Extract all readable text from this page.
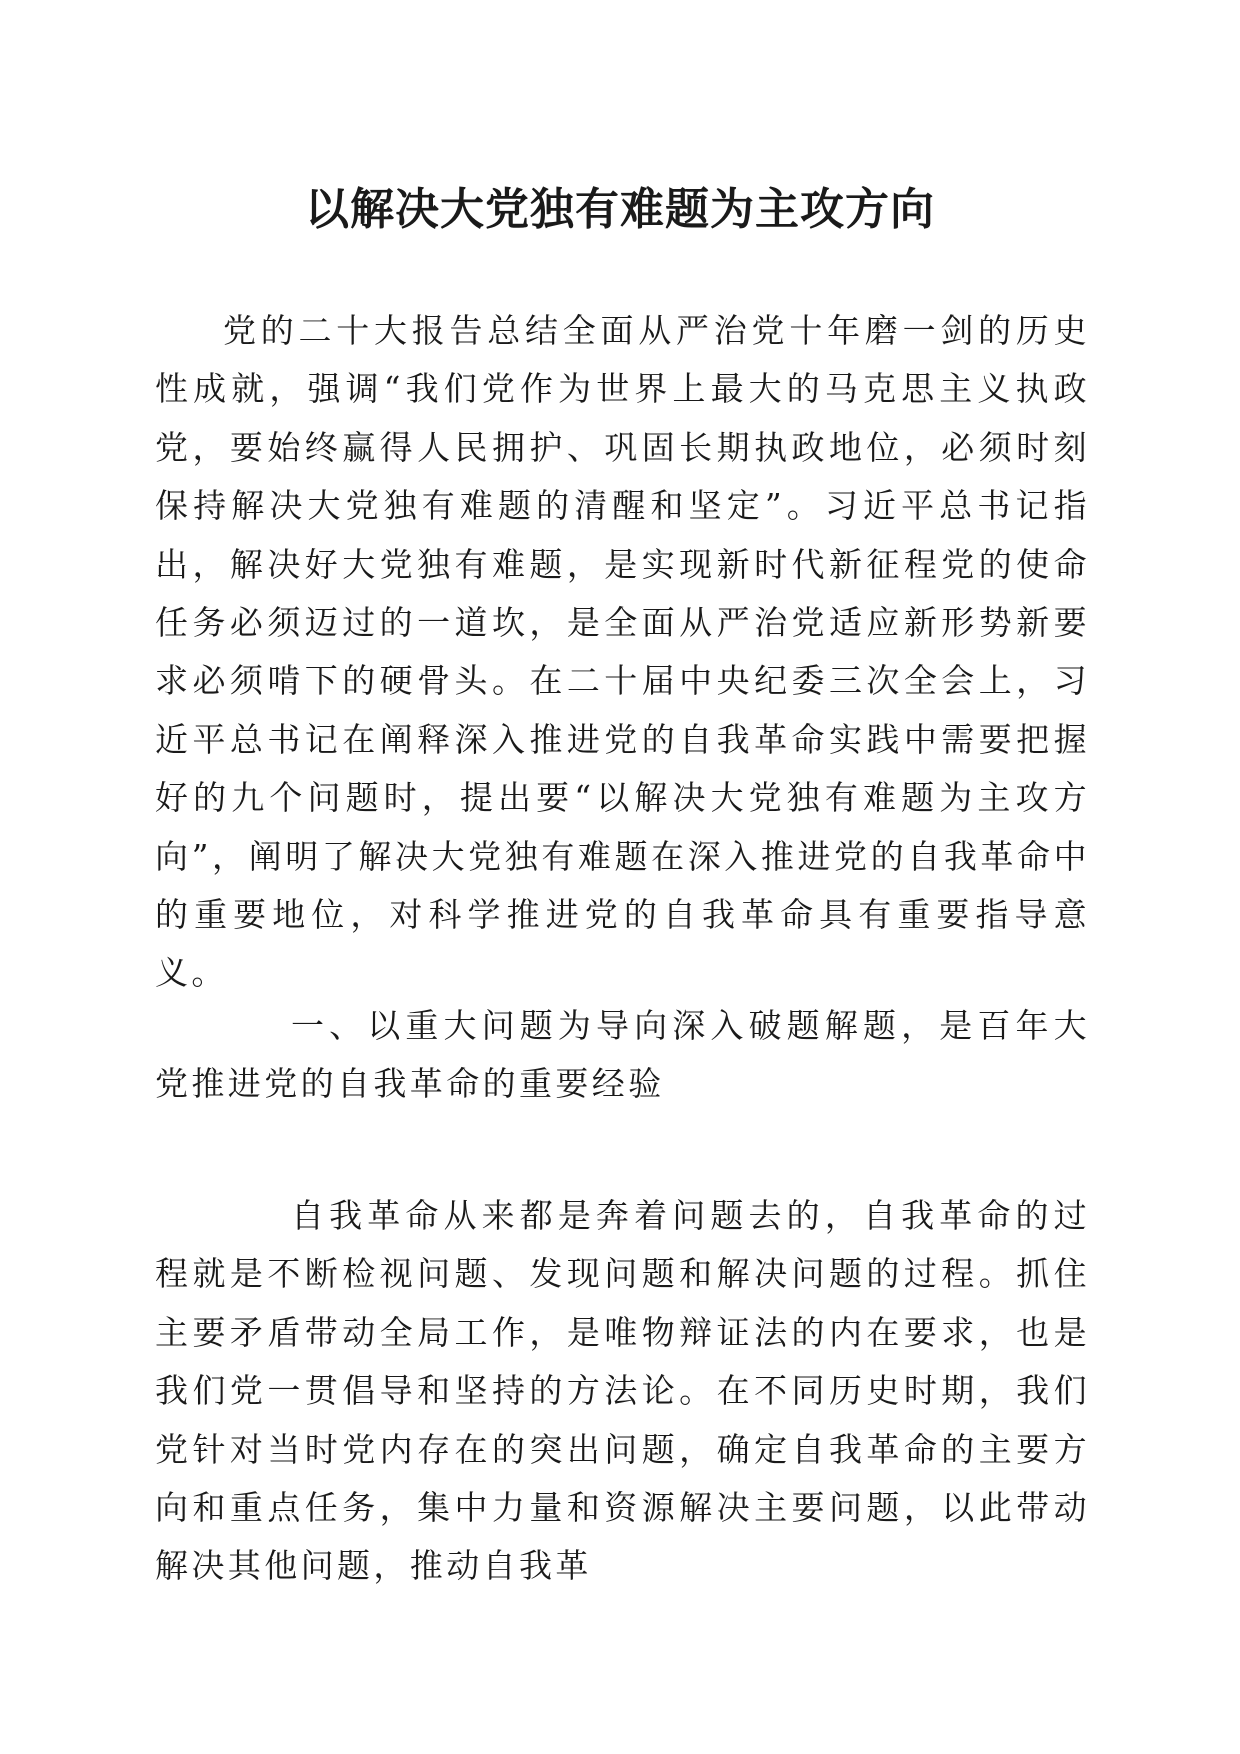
以解决大党独有难题为主攻方向

党的二十大报告总结全面从严治党十年磨一剑的历史性成就，强调“我们党作为世界上最大的马克思主义执政党，要始终赢得人民拥护、巩固长期执政地位，必须时刻保持解决大党独有难题的清醒和坚定”。习近平总书记指出，解决好大党独有难题，是实现新时代新征程党的使命任务必须迈过的一道坎，是全面从严治党适应新形势新要求必须啃下的硬骨头。在二十届中央纪委三次全会上，习近平总书记在阐释深入推进党的自我革命实践中需要把握好的九个问题时，提出要“以解决大党独有难题为主攻方向”，阐明了解决大党独有难题在深入推进党的自我革命中的重要地位，对科学推进党的自我革命具有重要指导意义。

一、以重大问题为导向深入破题解题，是百年大党推进党的自我革命的重要经验

自我革命从来都是奔着问题去的，自我革命的过程就是不断检视问题、发现问题和解决问题的过程。抓住主要矛盾带动全局工作，是唯物辩证法的内在要求，也是我们党一贯倡导和坚持的方法论。在不同历史时期，我们党针对当时党内存在的突出问题，确定自我革命的主要方向和重点任务，集中力量和资源解决主要问题，以此带动解决其他问题，推动自我革
